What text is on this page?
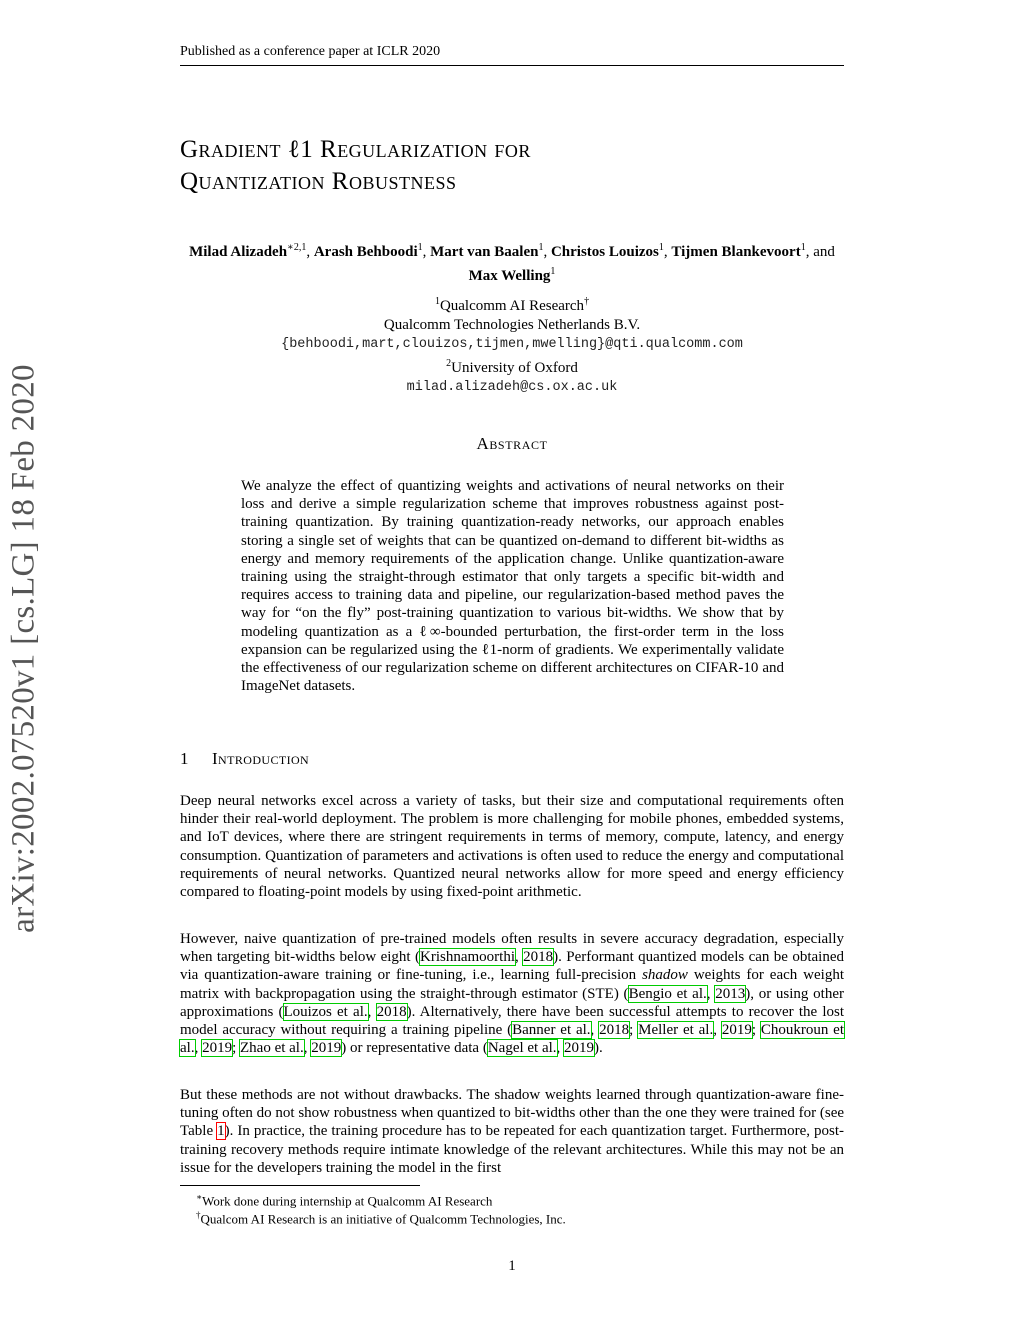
Published as a conference paper at ICLR 2020
arXiv:2002.07520v1 [cs.LG] 18 Feb 2020
Gradient ℓ1 Regularization for
Quantization Robustness
Milad Alizadeh$^{∗2,1}$, Arash Behboodi$^1$, Mart van Baalen$^1$, Christos Louizos$^1$, Tijmen Blankevoort$^1$, and Max Welling$^1$
$^1$Qualcomm AI Research†
Qualcomm Technologies Netherlands B.V.
{behboodi,mart,clouizos,tijmen,mwelling}@qti.qualcomm.com
$^2$University of Oxford
milad.alizadeh@cs.ox.ac.uk
Abstract
We analyze the effect of quantizing weights and activations of neural networks on their loss and derive a simple regularization scheme that improves robustness against post-training quantization. By training quantization-ready networks, our approach enables storing a single set of weights that can be quantized on-demand to different bit-widths as energy and memory requirements of the application change. Unlike quantization-aware training using the straight-through estimator that only targets a specific bit-width and requires access to training data and pipeline, our regularization-based method paves the way for “on the fly” post-training quantization to various bit-widths. We show that by modeling quantization as a ℓ∞-bounded perturbation, the first-order term in the loss expansion can be regularized using the ℓ1-norm of gradients. We experimentally validate the effectiveness of our regularization scheme on different architectures on CIFAR-10 and ImageNet datasets.
1 Introduction
Deep neural networks excel across a variety of tasks, but their size and computational requirements often hinder their real-world deployment. The problem is more challenging for mobile phones, embedded systems, and IoT devices, where there are stringent requirements in terms of memory, compute, latency, and energy consumption. Quantization of parameters and activations is often used to reduce the energy and computational requirements of neural networks. Quantized neural networks allow for more speed and energy efficiency compared to floating-point models by using fixed-point arithmetic.
However, naive quantization of pre-trained models often results in severe accuracy degradation, especially when targeting bit-widths below eight (Krishnamoorthi, 2018). Performant quantized models can be obtained via quantization-aware training or fine-tuning, i.e., learning full-precision shadow weights for each weight matrix with backpropagation using the straight-through estimator (STE) (Bengio et al., 2013), or using other approximations (Louizos et al., 2018). Alternatively, there have been successful attempts to recover the lost model accuracy without requiring a training pipeline (Banner et al., 2018; Meller et al., 2019; Choukroun et al., 2019; Zhao et al., 2019) or representative data (Nagel et al., 2019).
But these methods are not without drawbacks. The shadow weights learned through quantization-aware fine-tuning often do not show robustness when quantized to bit-widths other than the one they were trained for (see Table 1). In practice, the training procedure has to be repeated for each quantization target. Furthermore, post-training recovery methods require intimate knowledge of the relevant architectures. While this may not be an issue for the developers training the model in the first
∗Work done during internship at Qualcomm AI Research
†Qualcom AI Research is an initiative of Qualcomm Technologies, Inc.
1
